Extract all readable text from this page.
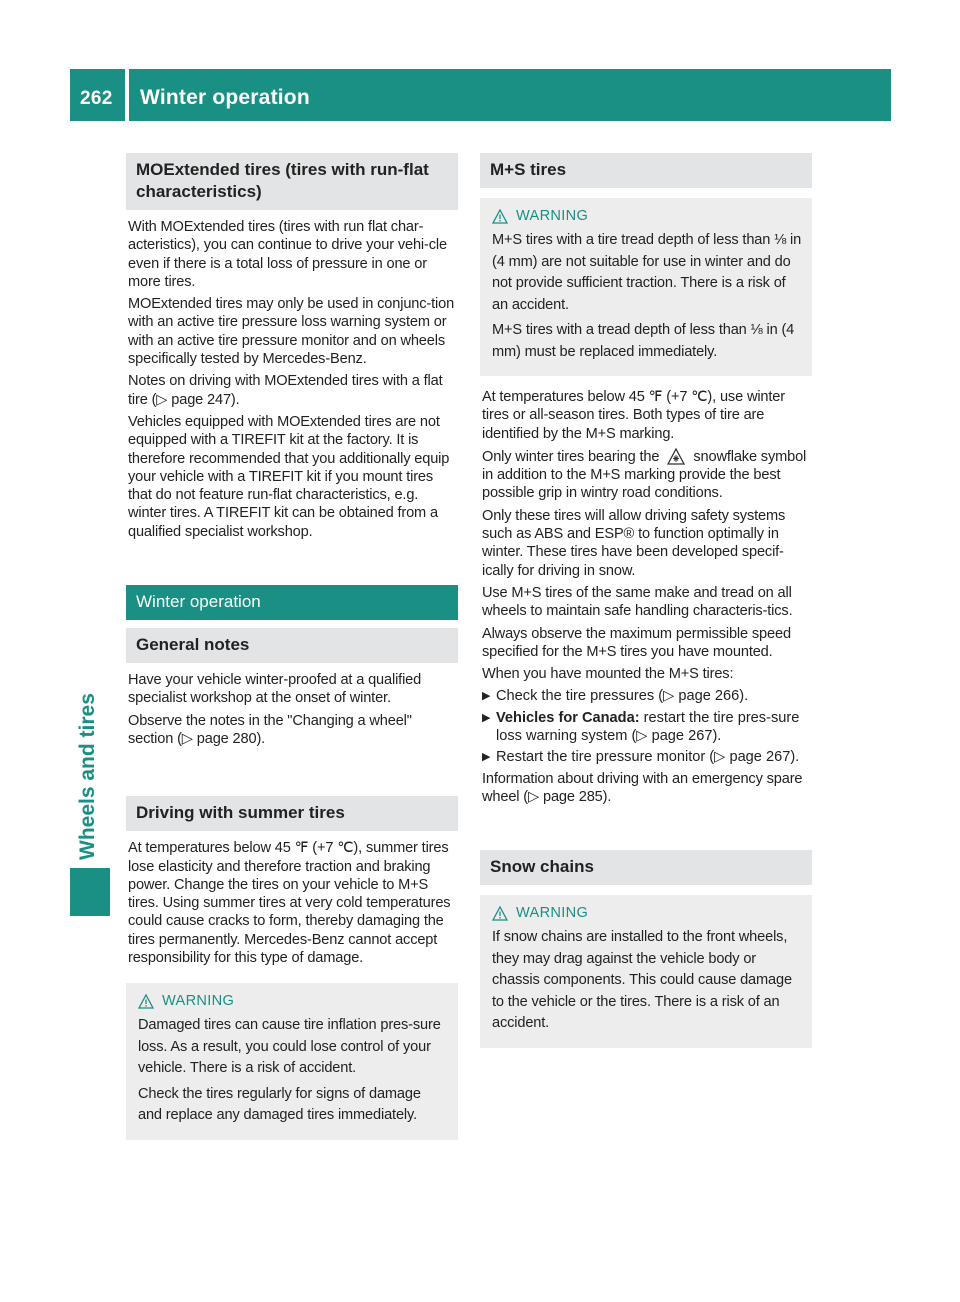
262 Winter operation
Wheels and tires
MOExtended tires (tires with run-flat characteristics)

With MOExtended tires (tires with run flat char-acteristics), you can continue to drive your vehi-cle even if there is a total loss of pressure in one or more tires.

MOExtended tires may only be used in conjunc-tion with an active tire pressure loss warning system or with an active tire pressure monitor and on wheels specifically tested by Mercedes-Benz.

Notes on driving with MOExtended tires with a flat tire (▷ page 247).

Vehicles equipped with MOExtended tires are not equipped with a TIREFIT kit at the factory. It is therefore recommended that you additionally equip your vehicle with a TIREFIT kit if you mount tires that do not feature run-flat characteristics, e.g. winter tires. A TIREFIT kit can be obtained from a qualified specialist workshop.

Winter operation
General notes

Have your vehicle winter-proofed at a qualified specialist workshop at the onset of winter.

Observe the notes in the "Changing a wheel" section (▷ page 280).

Driving with summer tires

At temperatures below 45 ℉ (+7 ℃), summer tires lose elasticity and therefore traction and braking power. Change the tires on your vehicle to M+S tires. Using summer tires at very cold temperatures could cause cracks to form, thereby damaging the tires permanently. Mercedes-Benz cannot accept responsibility for this type of damage.

WARNING

Damaged tires can cause tire inflation pres-sure loss. As a result, you could lose control of your vehicle. There is a risk of accident.

Check the tires regularly for signs of damage and replace any damaged tires immediately.

M+S tires
WARNING

M+S tires with a tire tread depth of less than ⅛ in (4 mm) are not suitable for use in winter and do not provide sufficient traction. There is a risk of an accident.

M+S tires with a tread depth of less than ⅛ in (4 mm) must be replaced immediately.

At temperatures below 45 ℉ (+7 ℃), use winter tires or all-season tires. Both types of tire are identified by the M+S marking.

Only winter tires bearing the snowflake symbol in addition to the M+S marking provide the best possible grip in wintry road conditions.

Only these tires will allow driving safety systems such as ABS and ESP® to function optimally in winter. These tires have been developed specif-ically for driving in snow.

Use M+S tires of the same make and tread on all wheels to maintain safe handling characteris-tics.

Always observe the maximum permissible speed specified for the M+S tires you have mounted.

When you have mounted the M+S tires:

▶ Check the tire pressures (▷ page 266).
▶ Vehicles for Canada: restart the tire pres-sure loss warning system (▷ page 267).
▶ Restart the tire pressure monitor (▷ page 267).

Information about driving with an emergency spare wheel (▷ page 285).

Snow chains
WARNING

If snow chains are installed to the front wheels, they may drag against the vehicle body or chassis components. This could cause damage to the vehicle or the tires. There is a risk of an accident.
